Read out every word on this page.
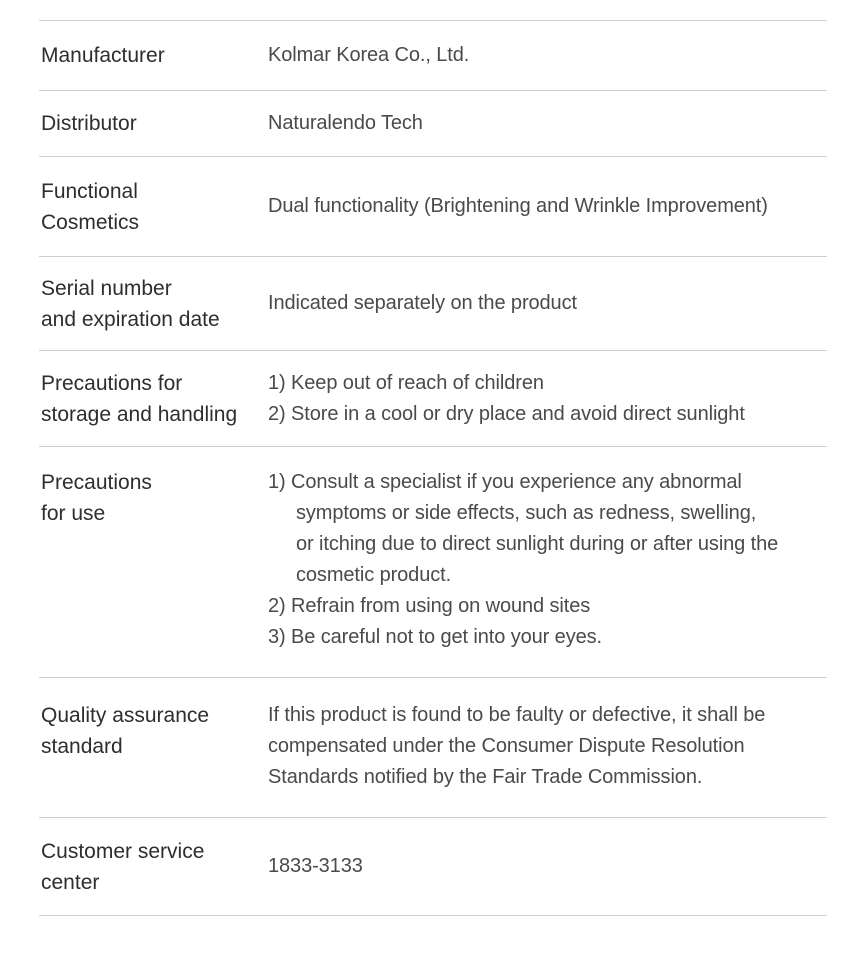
Manufacturer	Kolmar Korea Co., Ltd.
Distributor	Naturalendo Tech
Functional
Cosmetics
Dual functionality (Brightening and Wrinkle Improvement)
Serial number
and expiration date
Indicated separately on the product
Precautions for
storage and handling
1) Keep out of reach of children
2) Store in a cool or dry place and avoid direct sunlight
Precautions
for use
1) Consult a specialist if you experience any abnormal
symptoms or side effects, such as redness, swelling,
or itching due to direct sunlight during or after using the
cosmetic product.
2) Refrain from using on wound sites
3) Be careful not to get into your eyes.
Quality assurance
standard
If this product is found to be faulty or defective, it shall be
compensated under the Consumer Dispute Resolution
Standards notified by the Fair Trade Commission.
Customer service
center
1833-3133
